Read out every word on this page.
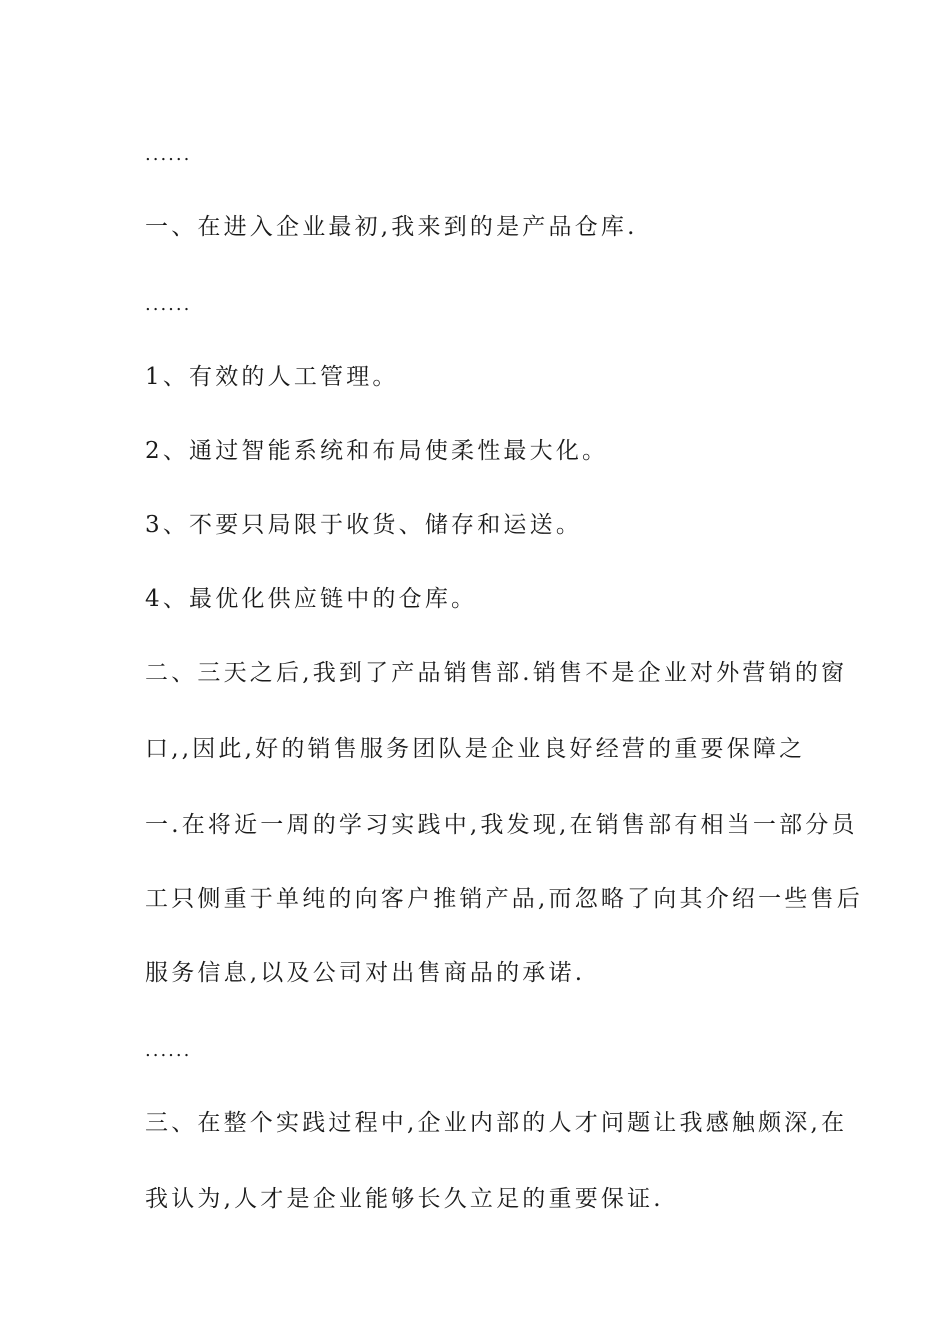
......
一、在进入企业最初,我来到的是产品仓库.
......
1、有效的人工管理。
2、通过智能系统和布局使柔性最大化。
3、不要只局限于收货、储存和运送。
4、最优化供应链中的仓库。
二、三天之后,我到了产品销售部.销售不是企业对外营销的窗
口,,因此,好的销售服务团队是企业良好经营的重要保障之
一.在将近一周的学习实践中,我发现,在销售部有相当一部分员
工只侧重于单纯的向客户推销产品,而忽略了向其介绍一些售后
服务信息,以及公司对出售商品的承诺.
......
三、在整个实践过程中,企业内部的人才问题让我感触颇深,在
我认为,人才是企业能够长久立足的重要保证.
